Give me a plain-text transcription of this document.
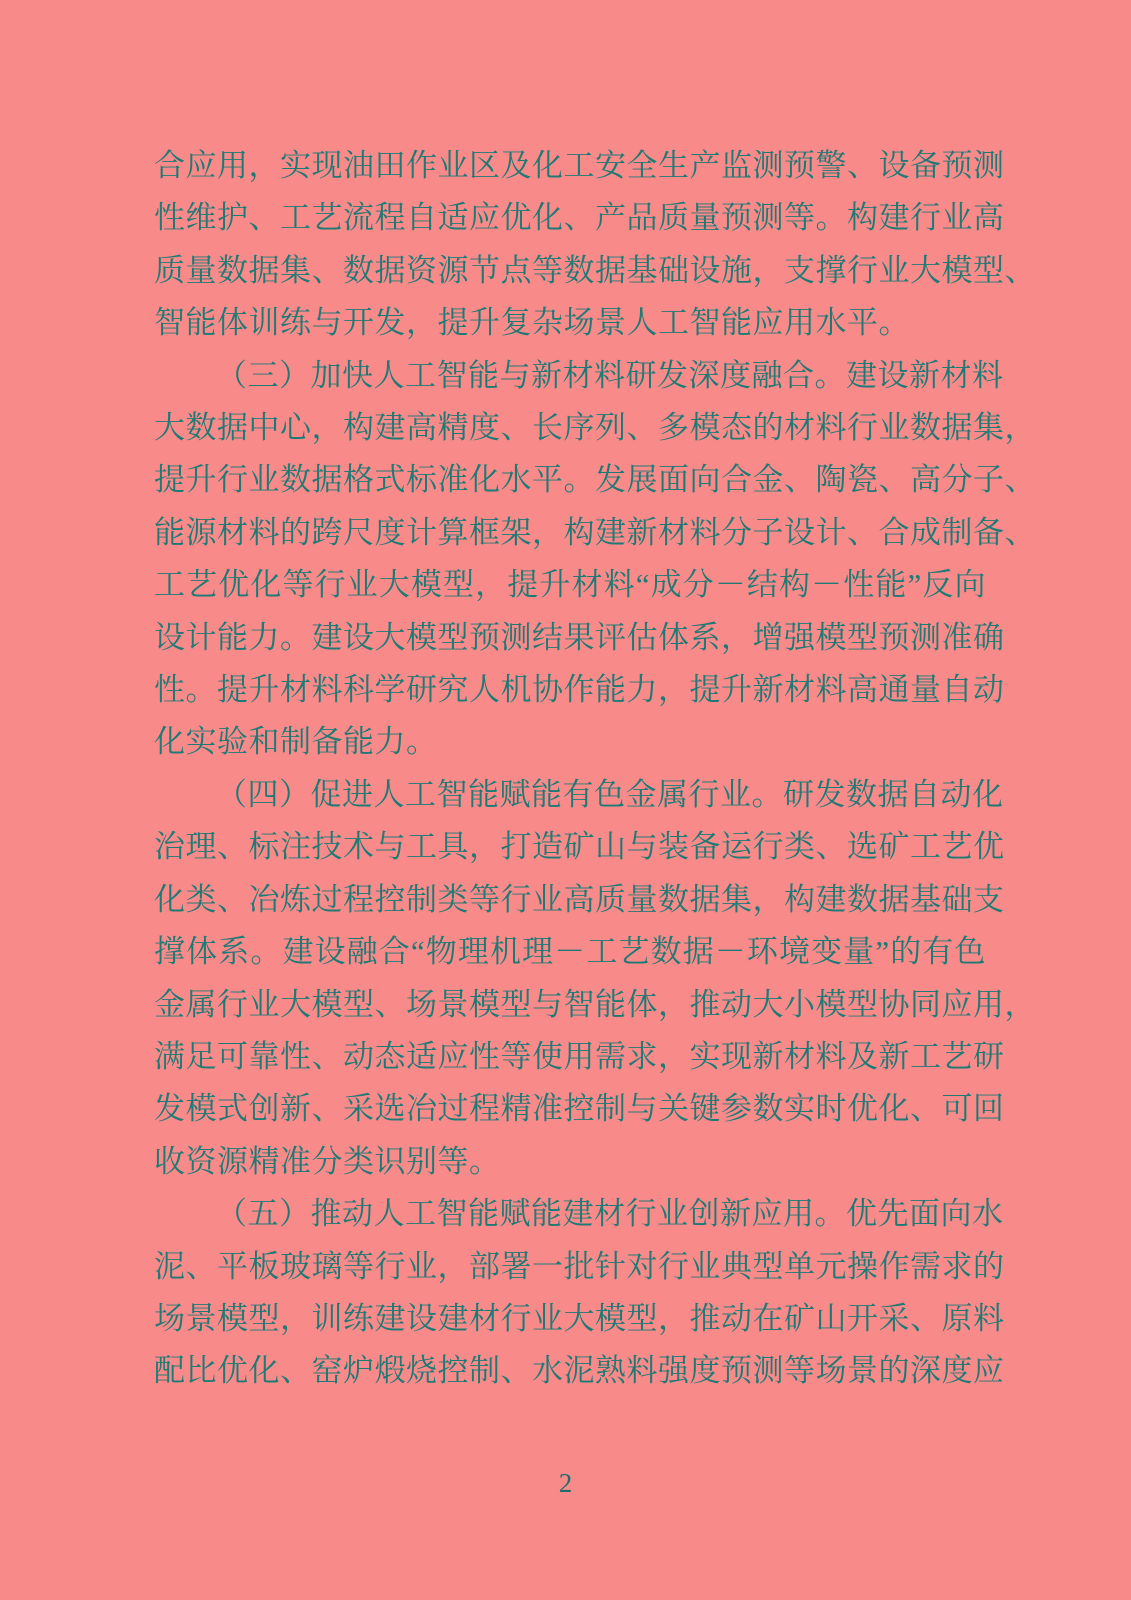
合应用，实现油田作业区及化工安全生产监测预警、设备预测
性维护、工艺流程自适应优化、产品质量预测等。构建行业高
质量数据集、数据资源节点等数据基础设施，支撑行业大模型、
智能体训练与开发，提升复杂场景人工智能应用水平。
（三）加快人工智能与新材料研发深度融合。建设新材料
大数据中心，构建高精度、长序列、多模态的材料行业数据集，
提升行业数据格式标准化水平。发展面向合金、陶瓷、高分子、
能源材料的跨尺度计算框架，构建新材料分子设计、合成制备、
工艺优化等行业大模型，提升材料“成分－结构－性能”反向
设计能力。建设大模型预测结果评估体系，增强模型预测准确
性。提升材料科学研究人机协作能力，提升新材料高通量自动
化实验和制备能力。
（四）促进人工智能赋能有色金属行业。研发数据自动化
治理、标注技术与工具，打造矿山与装备运行类、选矿工艺优
化类、冶炼过程控制类等行业高质量数据集，构建数据基础支
撑体系。建设融合“物理机理－工艺数据－环境变量”的有色
金属行业大模型、场景模型与智能体，推动大小模型协同应用，
满足可靠性、动态适应性等使用需求，实现新材料及新工艺研
发模式创新、采选冶过程精准控制与关键参数实时优化、可回
收资源精准分类识别等。
（五）推动人工智能赋能建材行业创新应用。优先面向水
泥、平板玻璃等行业，部署一批针对行业典型单元操作需求的
场景模型，训练建设建材行业大模型，推动在矿山开采、原料
配比优化、窑炉煅烧控制、水泥熟料强度预测等场景的深度应
2
